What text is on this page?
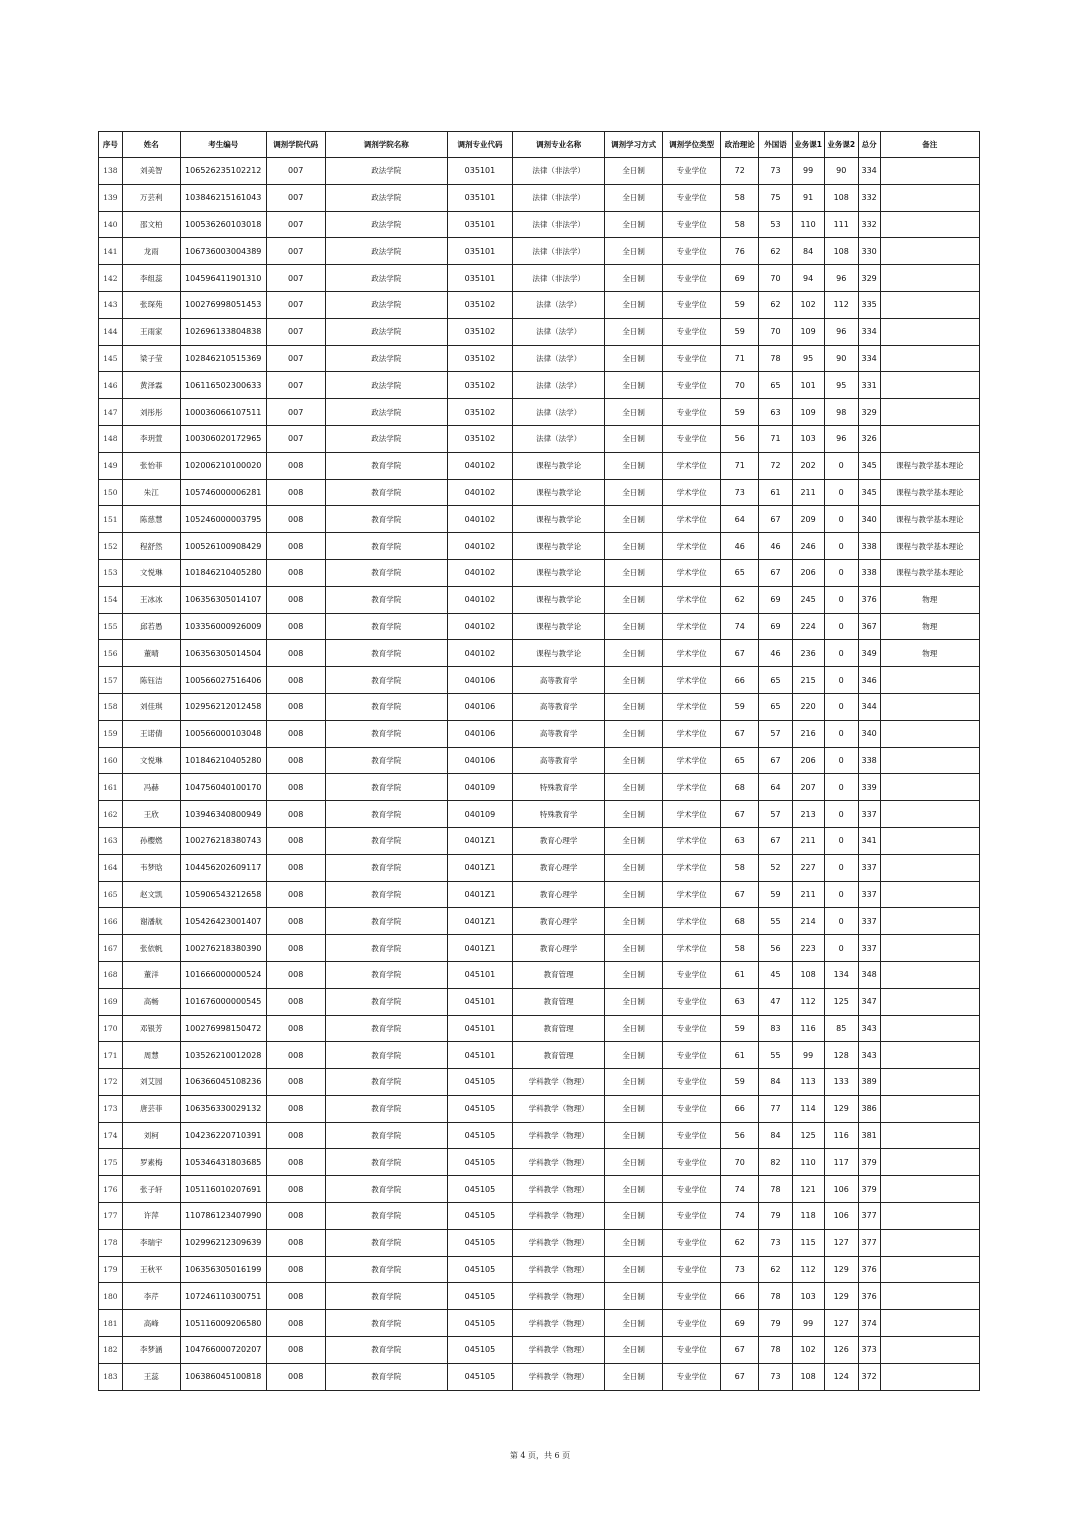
序号	姓名	考生编号	调剂学院代码	调剂学院名称	调剂专业代码	调剂专业名称	调剂学习方式	调剂学位类型	政治理论	外国语	业务课1	业务课2	总分	备注
138	刘美智	106526235102212	007	政法学院	035101	法律（非法学）	全日制	专业学位	72	73	99	90	334	
139	万芸利	103846215161043	007	政法学院	035101	法律（非法学）	全日制	专业学位	58	75	91	108	332	
140	邵文柏	100536260103018	007	政法学院	035101	法律（非法学）	全日制	专业学位	58	53	110	111	332	
141	龙雨	106736003004389	007	政法学院	035101	法律（非法学）	全日制	专业学位	76	62	84	108	330	
142	李组蕊	104596411901310	007	政法学院	035101	法律（非法学）	全日制	专业学位	69	70	94	96	329	
143	张琛苑	100276998051453	007	政法学院	035102	法律（法学）	全日制	专业学位	59	62	102	112	335	
144	王雨家	102696133804838	007	政法学院	035102	法律（法学）	全日制	专业学位	59	70	109	96	334	
145	梁子莹	102846210515369	007	政法学院	035102	法律（法学）	全日制	专业学位	71	78	95	90	334	
146	黄泽霖	106116502300633	007	政法学院	035102	法律（法学）	全日制	专业学位	70	65	101	95	331	
147	刘彤彤	100036066107511	007	政法学院	035102	法律（法学）	全日制	专业学位	59	63	109	98	329	
148	李玥萱	100306020172965	007	政法学院	035102	法律（法学）	全日制	专业学位	56	71	103	96	326	
149	张怡菲	102006210100020	008	教育学院	040102	课程与教学论	全日制	学术学位	71	72	202	0	345	课程与教学基本理论
150	朱江	105746000006281	008	教育学院	040102	课程与教学论	全日制	学术学位	73	61	211	0	345	课程与教学基本理论
151	陈慈慧	105246000003795	008	教育学院	040102	课程与教学论	全日制	学术学位	64	67	209	0	340	课程与教学基本理论
152	程舒然	100526100908429	008	教育学院	040102	课程与教学论	全日制	学术学位	46	46	246	0	338	课程与教学基本理论
153	文悦琳	101846210405280	008	教育学院	040102	课程与教学论	全日制	学术学位	65	67	206	0	338	课程与教学基本理论
154	王冰冰	106356305014107	008	教育学院	040102	课程与教学论	全日制	学术学位	62	69	245	0	376	物理
155	邱若愚	103356000926009	008	教育学院	040102	课程与教学论	全日制	学术学位	74	69	224	0	367	物理
156	董晴	106356305014504	008	教育学院	040102	课程与教学论	全日制	学术学位	67	46	236	0	349	物理
157	陈钰洁	100566027516406	008	教育学院	040106	高等教育学	全日制	学术学位	66	65	215	0	346	
158	刘佳琪	102956212012458	008	教育学院	040106	高等教育学	全日制	学术学位	59	65	220	0	344	
159	王诺倩	100566000103048	008	教育学院	040106	高等教育学	全日制	学术学位	67	57	216	0	340	
160	文悦琳	101846210405280	008	教育学院	040106	高等教育学	全日制	学术学位	65	67	206	0	338	
161	冯赫	104756040100170	008	教育学院	040109	特殊教育学	全日制	学术学位	68	64	207	0	339	
162	王欣	103946340800949	008	教育学院	040109	特殊教育学	全日制	学术学位	67	57	213	0	337	
163	孙樱燃	100276218380743	008	教育学院	0401Z1	教育心理学	全日制	学术学位	63	67	211	0	341	
164	韦梦晗	104456202609117	008	教育学院	0401Z1	教育心理学	全日制	学术学位	58	52	227	0	337	
165	赵文凯	105906543212658	008	教育学院	0401Z1	教育心理学	全日制	学术学位	67	59	211	0	337	
166	谢潘航	105426423001407	008	教育学院	0401Z1	教育心理学	全日制	学术学位	68	55	214	0	337	
167	张依帆	100276218380390	008	教育学院	0401Z1	教育心理学	全日制	学术学位	58	56	223	0	337	
168	董洋	101666000000524	008	教育学院	045101	教育管理	全日制	专业学位	61	45	108	134	348	
169	高畅	101676000000545	008	教育学院	045101	教育管理	全日制	专业学位	63	47	112	125	347	
170	邓银芳	100276998150472	008	教育学院	045101	教育管理	全日制	专业学位	59	83	116	85	343	
171	周慧	103526210012028	008	教育学院	045101	教育管理	全日制	专业学位	61	55	99	128	343	
172	刘艾园	106366045108236	008	教育学院	045105	学科教学（物理）	全日制	专业学位	59	84	113	133	389	
173	唐芸菲	106356330029132	008	教育学院	045105	学科教学（物理）	全日制	专业学位	66	77	114	129	386	
174	刘柯	104236220710391	008	教育学院	045105	学科教学（物理）	全日制	专业学位	56	84	125	116	381	
175	罗素梅	105346431803685	008	教育学院	045105	学科教学（物理）	全日制	专业学位	70	82	110	117	379	
176	张子轩	105116010207691	008	教育学院	045105	学科教学（物理）	全日制	专业学位	74	78	121	106	379	
177	许萍	110786123407990	008	教育学院	045105	学科教学（物理）	全日制	专业学位	74	79	118	106	377	
178	李瑞宇	102996212309639	008	教育学院	045105	学科教学（物理）	全日制	专业学位	62	73	115	127	377	
179	王秋平	106356305016199	008	教育学院	045105	学科教学（物理）	全日制	专业学位	73	62	112	129	376	
180	李芹	107246110300751	008	教育学院	045105	学科教学（物理）	全日制	专业学位	66	78	103	129	376	
181	高峰	105116009206580	008	教育学院	045105	学科教学（物理）	全日制	专业学位	69	79	99	127	374	
182	李梦涵	104766000720207	008	教育学院	045105	学科教学（物理）	全日制	专业学位	67	78	102	126	373	
183	王蕊	106386045100818	008	教育学院	045105	学科教学（物理）	全日制	专业学位	67	73	108	124	372	
第 4 页，共 6 页
